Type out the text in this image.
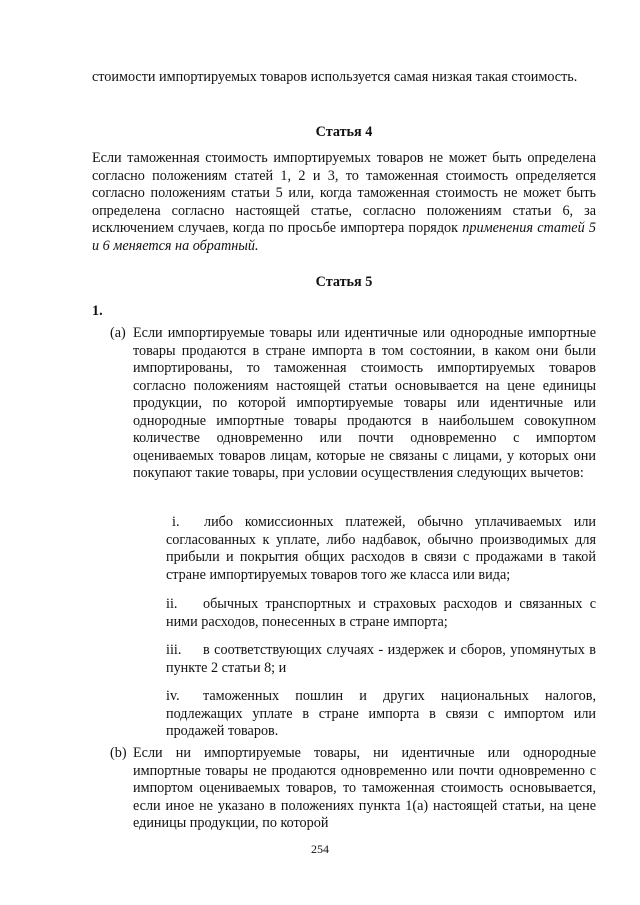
стоимости импортируемых товаров используется самая низкая такая стоимость.

Статья 4

Если таможенная стоимость импортируемых товаров не может быть определена согласно положениям статей 1, 2 и 3, то таможенная стоимость определяется согласно положениям статьи 5 или, когда таможенная стоимость не может быть определена согласно настоящей статье, согласно положениям статьи 6, за исключением случаев, когда по просьбе импортера порядок применения статей 5 и 6 меняется на обратный.

Статья 5
1.
(a) Если импортируемые товары или идентичные или однородные импортные товары продаются в стране импорта в том состоянии, в каком они были импортированы, то таможенная стоимость импортируемых товаров согласно положениям настоящей статьи основывается на цене единицы продукции, по которой импортируемые товары или идентичные или однородные импортные товары продаются в наибольшем совокупном количестве одновременно или почти одновременно с импортом оцениваемых товаров лицам, которые не связаны с лицами, у которых они покупают такие товары, при условии осуществления следующих вычетов:

i. либо комиссионных платежей, обычно уплачиваемых или согласованных к уплате, либо надбавок, обычно производимых для прибыли и покрытия общих расходов в связи с продажами в такой стране импортируемых товаров того же класса или вида;

ii. обычных транспортных и страховых расходов и связанных с ними расходов, понесенных в стране импорта;

iii. в соответствующих случаях - издержек и сборов, упомянутых в пункте 2 статьи 8; и

iv. таможенных пошлин и других национальных налогов, подлежащих уплате в стране импорта в связи с импортом или продажей товаров.

(b) Если ни импортируемые товары, ни идентичные или однородные импортные товары не продаются одновременно или почти одновременно с импортом оцениваемых товаров, то таможенная стоимость основывается, если иное не указано в положениях пункта 1(a) настоящей статьи, на цене единицы продукции, по которой

254
